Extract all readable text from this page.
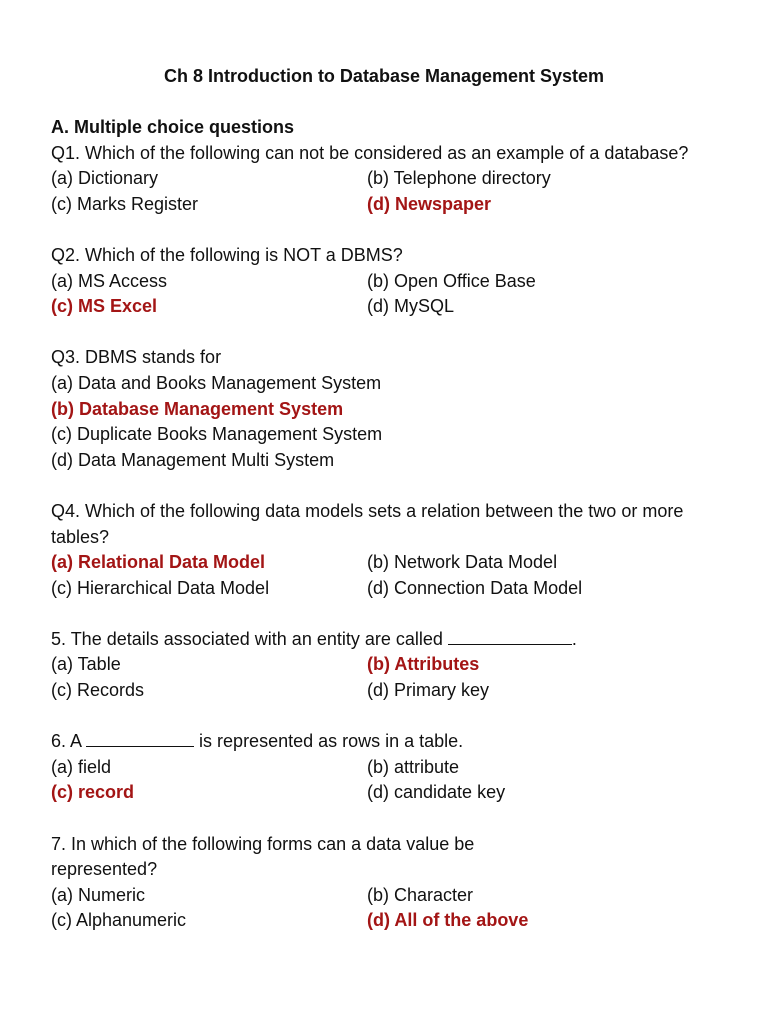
Ch 8 Introduction to Database Management System
A. Multiple choice questions
Q1. Which of the following can not be considered as an example of a database?
(a) Dictionary	(b) Telephone directory
(c) Marks Register	(d) Newspaper
Q2. Which of the following is NOT a DBMS?
(a) MS Access	(b) Open Office Base
(c) MS Excel	(d) MySQL
Q3. DBMS stands for
(a) Data and Books Management System
(b) Database Management System
(c) Duplicate Books Management System
(d) Data Management Multi System
Q4. Which of the following data models sets a relation between the two or more tables?
(a) Relational Data Model	(b) Network Data Model
(c) Hierarchical Data Model	(d) Connection Data Model
5. The details associated with an entity are called	.
(a) Table	(b) Attributes
(c) Records	(d) Primary key
6. A	is represented as rows in a table.
(a) field	(b) attribute
(c) record	(d) candidate key
7. In which of the following forms can a data value be represented?
(a) Numeric	(b) Character
(c) Alphanumeric	(d) All of the above
